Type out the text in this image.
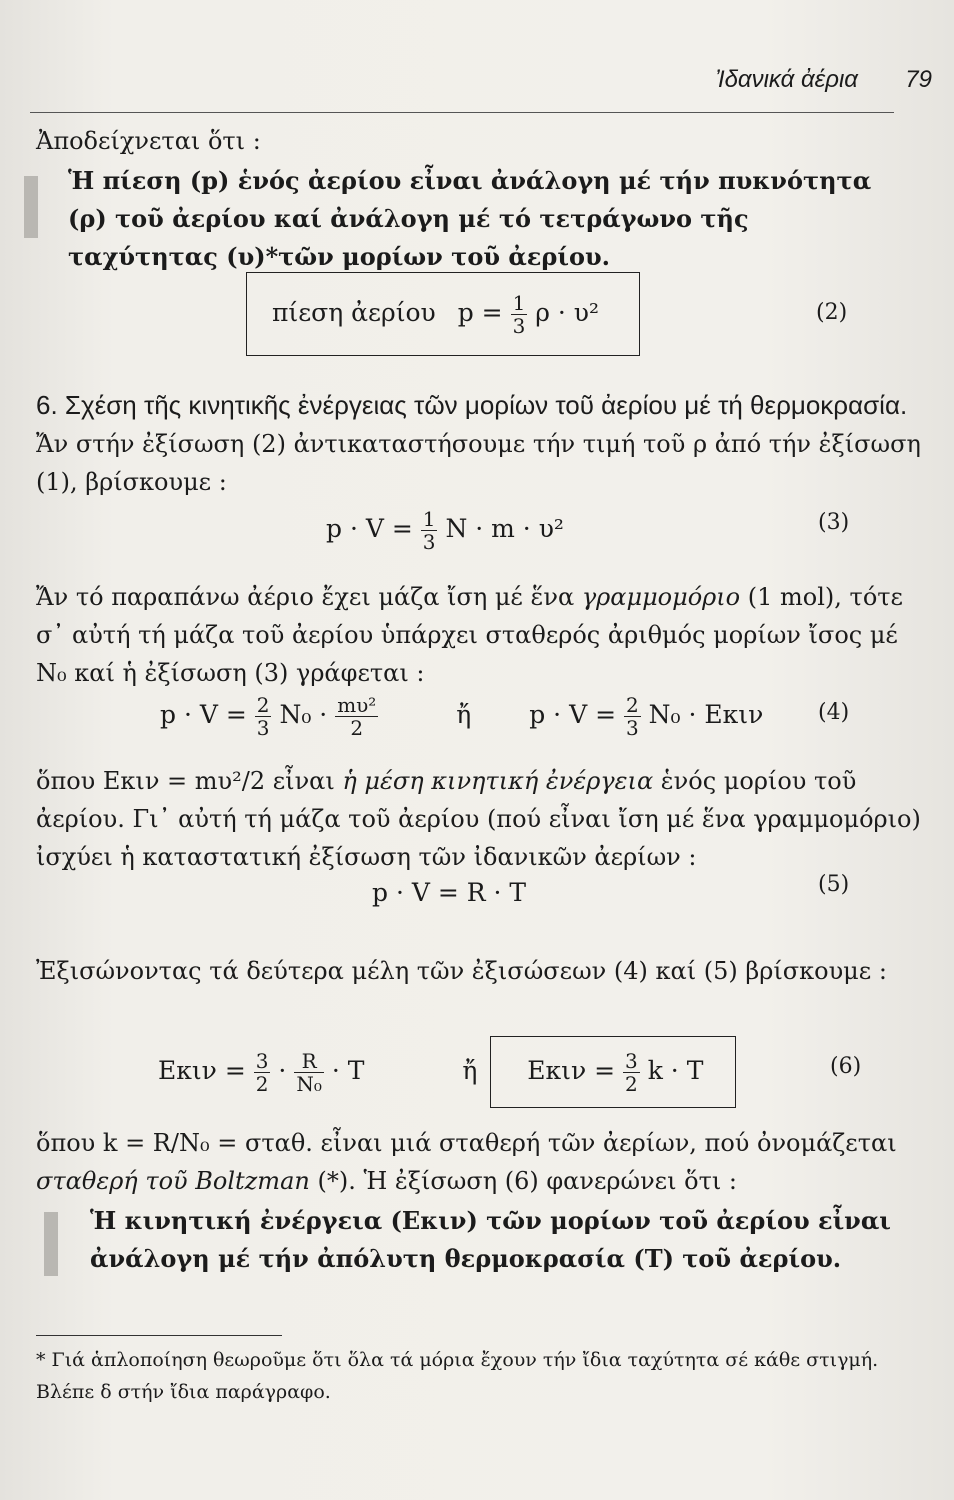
Ἰδανικά ἀέρια 79
Ἀποδείχνεται ὅτι :
Ἡ πίεση (p) ἑνός ἀερίου εἶναι ἀνάλογη μέ τήν πυκνότητα (ρ) τοῦ ἀερίου καί ἀνάλογη μέ τό τετράγωνο τῆς ταχύτητας (υ)*τῶν μορίων τοῦ ἀερίου.
πίεση ἀερίου $p = \frac{1}{3}$ ρ · υ²	(2)
6. Σχέση τῆς κινητικῆς ἐνέργειας τῶν μορίων τοῦ ἀερίου μέ τή θερμοκρασία. Ἄν στήν ἐξίσωση (2) ἀντικαταστήσουμε τήν τιμή τοῦ ρ ἀπό τήν ἐξίσωση (1), βρίσκουμε :
$p \cdot V = \frac{1}{3}$ N · m · υ²	(3)
Ἄν τό παραπάνω ἀέριο ἔχει μάζα ἴση μέ ἕνα γραμμομόριο (1 mol), τότε σ᾿ αὐτή τή μάζα τοῦ ἀερίου ὑπάρχει σταθερός ἀριθμός μορίων ἴσος μέ N₀ καί ἡ ἐξίσωση (3) γράφεται :
$p \cdot V = \frac{2}{3} N_0 \cdot \frac{\text{mυ²}}{2}$	ἤ $p \cdot V = \frac{2}{3} N_0 \cdot E\kappa\iota\nu$ (4)
ὅπου Eκιν = mυ²/2 εἶναι ἡ μέση κινητική ἐνέργεια ἑνός μορίου τοῦ ἀερίου. Γι᾿ αὐτή τή μάζα τοῦ ἀερίου (πού εἶναι ἴση μέ ἕνα γραμμομόριο) ἰσχύει ἡ καταστατική ἐξίσωση τῶν ἰδανικῶν ἀερίων :
p · V = R · T	(5)
Ἐξισώνοντας τά δεύτερα μέλη τῶν ἐξισώσεων (4) καί (5) βρίσκουμε :
$E\kappa\iota\nu = \frac{3}{2} \cdot \frac{R}{\text{N₀}} \cdot T$	ἤ $E\kappa\iota\nu = \frac{3}{2}$ k · T	(6)
ὅπου k = R/N₀ = σταθ. εἶναι μιά σταθερή τῶν ἀερίων, πού ὀνομάζεται σταθερή τοῦ Boltzman (*). Ἡ ἐξίσωση (6) φανερώνει ὅτι :
Ἡ κινητική ἐνέργεια (Eκιν) τῶν μορίων τοῦ ἀερίου εἶναι ἀνάλογη μέ τήν ἀπόλυτη θερμοκρασία (T) τοῦ ἀερίου.
* Γιά ἁπλοποίηση θεωροῦμε ὅτι ὅλα τά μόρια ἔχουν τήν ἴδια ταχύτητα σέ κάθε στιγμή. Βλέπε δ στήν ἴδια παράγραφο.
